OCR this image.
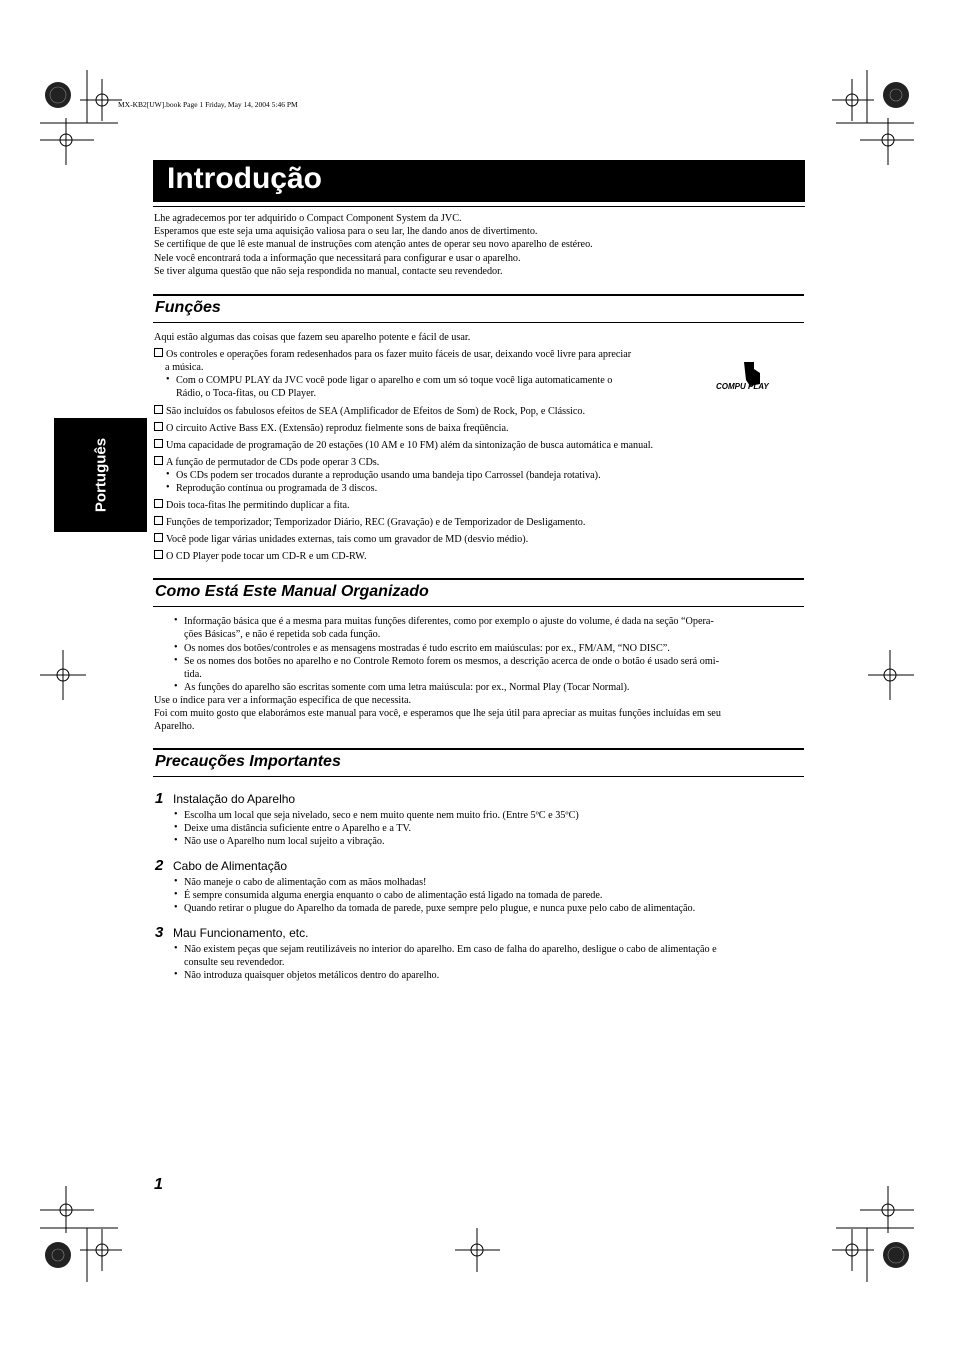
MX-KB2[UW].book Page 1 Friday, May 14, 2004 5:46 PM
Introdução
Lhe agradecemos por ter adquirido o Compact Component System da JVC.
Esperamos que este seja uma aquisição valiosa para o seu lar, lhe dando anos de divertimento.
Se certifique de que lê este manual de instruções com atenção antes de operar seu novo aparelho de estéreo.
Nele você encontrará toda a informação que necessitará para configurar e usar o aparelho.
Se tiver alguma questão que não seja respondida no manual, contacte seu revendedor.
Português
Funções
Aqui estão algumas das coisas que fazem seu aparelho potente e fácil de usar.
Os controles e operações foram redesenhados para os fazer muito fáceis de usar, deixando você livre para apreciar
a música.
• Com o COMPU PLAY da JVC você pode ligar o aparelho e com um só toque você liga automaticamente o
Rádio, o Toca-fitas, ou CD Player.
COMPU PLAY
São incluídos os fabulosos efeitos de SEA (Amplificador de Efeitos de Som) de Rock, Pop, e Clássico.
O circuito Active Bass EX. (Extensão) reproduz fielmente sons de baixa freqüência.
Uma capacidade de programação de 20 estações (10 AM e 10 FM) além da sintonização de busca automática e manual.
A função de permutador de CDs pode operar 3 CDs.
• Os CDs podem ser trocados durante a reprodução usando uma bandeja tipo Carrossel (bandeja rotativa).
• Reprodução contínua ou programada de 3 discos.
Dois toca-fitas lhe permitindo duplicar a fita.
Funções de temporizador; Temporizador Diário, REC (Gravação) e de Temporizador de Desligamento.
Você pode ligar várias unidades externas, tais como um gravador de MD (desvio médio).
O CD Player pode tocar um CD-R e um CD-RW.
Como Está Este Manual Organizado
• Informação básica que é a mesma para muitas funções diferentes, como por exemplo o ajuste do volume, é dada na seção “Opera-
ções Básicas”, e não é repetida sob cada função.
• Os nomes dos botões/controles e as mensagens mostradas é tudo escrito em maiúsculas: por ex., FM/AM, “NO DISC”.
• Se os nomes dos botões no aparelho e no Controle Remoto forem os mesmos, a descrição acerca de onde o botão é usado será omi-
tida.
• As funções do aparelho são escritas somente com uma letra maiúscula: por ex., Normal Play (Tocar Normal).
Use o índice para ver a informação específica de que necessita.
Foi com muito gosto que elaborámos este manual para você, e esperamos que lhe seja útil para apreciar as muitas funções incluídas em seu
Aparelho.
Precauções Importantes
1 Instalação do Aparelho
• Escolha um local que seja nivelado, seco e nem muito quente nem muito frio. (Entre 5ºC e 35ºC)
• Deixe uma distância suficiente entre o Aparelho e a TV.
• Não use o Aparelho num local sujeito a vibração.
2 Cabo de Alimentação
• Não maneje o cabo de alimentação com as mãos molhadas!
• É sempre consumida alguma energia enquanto o cabo de alimentação está ligado na tomada de parede.
• Quando retirar o plugue do Aparelho da tomada de parede, puxe sempre pelo plugue, e nunca puxe pelo cabo de alimentação.
3 Mau Funcionamento, etc.
• Não existem peças que sejam reutilizáveis no interior do aparelho. Em caso de falha do aparelho, desligue o cabo de alimentação e
consulte seu revendedor.
• Não introduza quaisquer objetos metálicos dentro do aparelho.
1
